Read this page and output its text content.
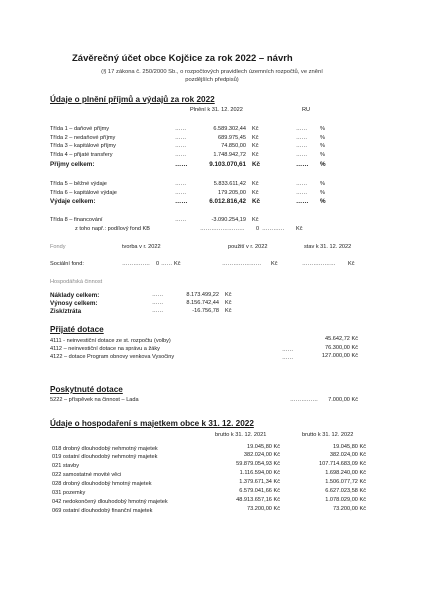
Závěrečný účet obce Kojčice za rok 2022 – návrh
(§ 17 zákona č. 250/2000 Sb., o rozpočtových pravidlech územních rozpočtů, ve znění
pozdějších předpisů)
Údaje o plnění příjmů a výdajů za rok 2022
Plnění k 31. 12. 2022	RU
Třída 1 – daňové příjmy	……	6.589.302,44 Kč	…… %
Třída 2 – nedaňové příjmy	……	689.975,45 Kč	…… %
Třída 3 – kapitálové příjmy	……	74.850,00 Kč	…… %
Třída 4 – přijaté transfery	……	1.748.942,72 Kč	…… %
Příjmy celkem:	……	9.103.070,61 Kč	…… %
Třída 5 – běžné výdaje	……	5.833.611,42 Kč	…… %
Třída 6 – kapitálové výdaje	……	179.205,00 Kč	…… %
Výdaje celkem:	……	6.012.816,42 Kč	…… %
Třída 8 – financování	……	-3.090.254,19 Kč
z toho např.: podílový fond KB	…………………… 0 ………… Kč
Fondy	tvorba v r. 2022	použití v r. 2022	stav k 31. 12. 2022
Sociální fond:	…………… 0 …… Kč	………………… Kč	……………… Kč
Hospodářská činnost
Náklady celkem:	……	8.173.499,22 Kč
Výnosy celkem:	……	8.156.742,44 Kč
Zisk/ztráta	……	-16.756,78 Kč
Přijaté dotace
4111 - neinvestiční dotace ze st. rozpočtu (volby)	45.642,72 Kč
4112 – neinvestiční dotace na správu a žáky	……	76.300,00 Kč
4122 – dotace Program obnovy venkova Vysočiny	……	127.000,00 Kč
Poskytnuté dotace
5222 – příspěvek na činnost – Lada	……………	7.000,00 Kč
Údaje o hospodaření s majetkem obce k 31. 12. 2022
brutto k 31. 12. 2021	brutto k 31. 12. 2022
018 drobný dlouhodobý nehmotný majetek	19.045,80 Kč	19.045,80 Kč
019 ostatní dlouhodobý nehmotný majetek	382.024,00 Kč	382.024,00 Kč
021 stavby	59.879.054,93 Kč	107.714.683,09 Kč
022 samostatné movité věci	1.116.594,00 Kč	1.698.240,00 Kč
028 drobný dlouhodobý hmotný majetek	1.379.671,34 Kč	1.506.077,72 Kč
031 pozemky	6.579.041,66 Kč	6.627.023,58 Kč
042 nedokončený dlouhodobý hmotný majetek	48.913.657,16 Kč	1.078.029,00 Kč
069 ostatní dlouhodobý finanční majetek	73.200,00 Kč	73.200,00 Kč
